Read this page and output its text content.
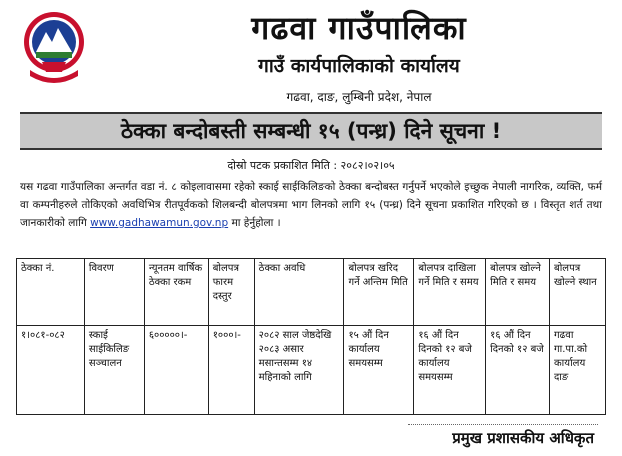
गढवा गाउँपालिका
गाउँ कार्यपालिकाको कार्यालय
गढवा, दाङ, लुम्बिनी प्रदेश, नेपाल
ठेक्का बन्दोबस्ती सम्बन्धी १५ (पन्ध्र) दिने सूचना !
दोस्रो पटक प्रकाशित मिति : २०८२।०२।०५
यस गढवा गाउँपालिका अन्तर्गत वडा नं. ८ कोइलावासमा रहेको स्काई साईकिलिङको ठेक्का बन्दोबस्त गर्नुपर्ने भएकोले इच्छुक नेपाली नागरिक, व्यक्ति, फर्म वा कम्पनीहरुले तोकिएको अवधिभित्र रीतपूर्वकको शिलबन्दी बोलपत्रमा भाग लिनको लागि १५ (पन्ध्र) दिने सूचना प्रकाशित गरिएको छ । विस्तृत शर्त तथा जानकारीको लागि www.gadhawamun.gov.np मा हेर्नुहोला ।
ठेक्का नं.	विवरण	न्यूनतम वार्षिक ठेक्का रकम	बोलपत्र फारम दस्तुर	ठेक्का अवधि	बोलपत्र खरिद गर्ने अन्तिम मिति	बोलपत्र दाखिला गर्ने मिति र समय	बोलपत्र खोल्ने मिति र समय	बोलपत्र खोल्ने स्थान
१।०८१-०८२	स्काई साईकिलिङ सञ्चालन	६०००००।-	१०००।-	२०८२ साल जेष्ठदेखि २०८३ असार मसान्तसम्म १४ महिनाको लागि	१५ औं दिन कार्यालय समयसम्म	१६ औं दिन दिनको १२ बजे कार्यालय समयसम्म	१६ औं दिन दिनको १२ बजे	गढवा गा.पा.को कार्यालय दाङ
प्रमुख प्रशासकीय अधिकृत
